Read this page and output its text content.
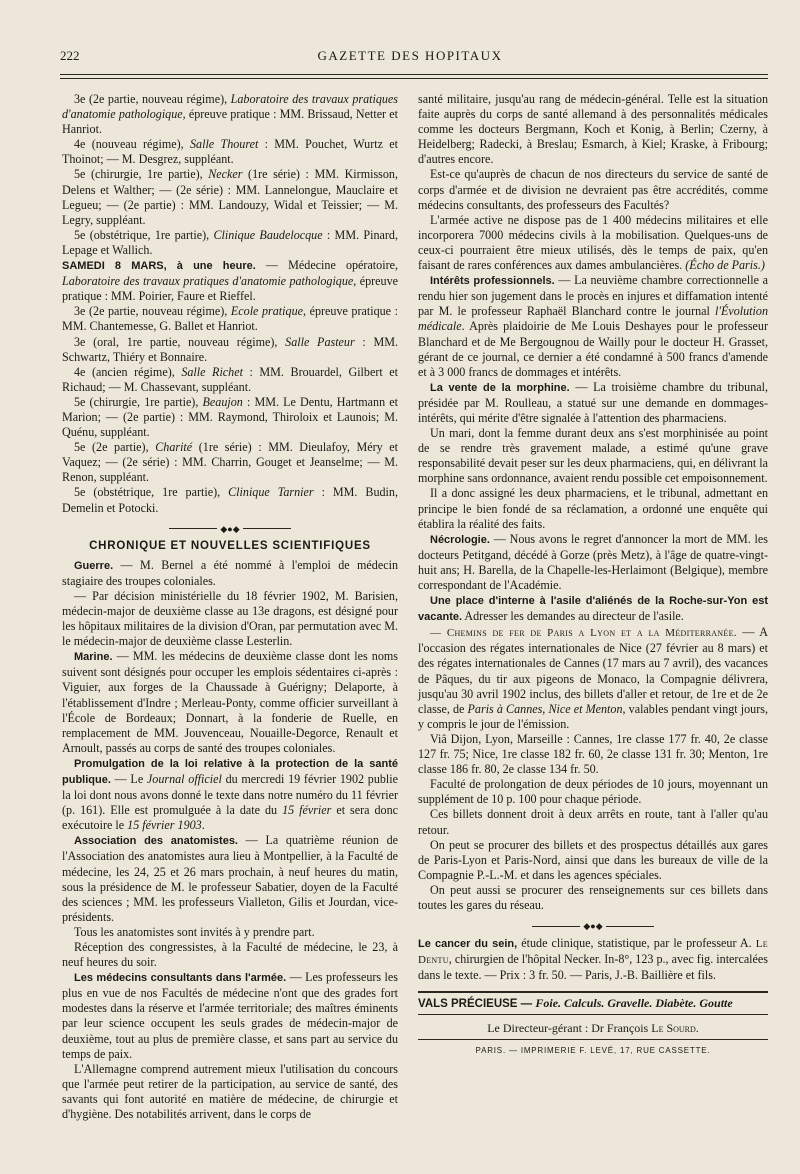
222	GAZETTE DES HOPITAUX

3e (2e partie, nouveau régime), Laboratoire des travaux pratiques d'anatomie pathologique, épreuve pratique : MM. Brissaud, Netter et Hanriot.

4e (nouveau régime), Salle Thouret : MM. Pouchet, Wurtz et Thoinot; — M. Desgrez, suppléant.

5e (chirurgie, 1re partie), Necker (1re série) : MM. Kirmisson, Delens et Walther; — (2e série) : MM. Lannelongue, Mauclaire et Legueu; — (2e partie) : MM. Landouzy, Widal et Teissier; — M. Legry, suppléant.

5e (obstétrique, 1re partie), Clinique Baudelocque : MM. Pinard, Lepage et Wallich.

SAMEDI 8 MARS, à une heure. — Médecine opératoire, Laboratoire des travaux pratiques d'anatomie pathologique, épreuve pratique : MM. Poirier, Faure et Rieffel.

3e (2e partie, nouveau régime), Ecole pratique, épreuve pratique : MM. Chantemesse, G. Ballet et Hanriot.

3e (oral, 1re partie, nouveau régime), Salle Pasteur : MM. Schwartz, Thiéry et Bonnaire.

4e (ancien régime), Salle Richet : MM. Brouardel, Gilbert et Richaud; — M. Chassevant, suppléant.

5e (chirurgie, 1re partie), Beaujon : MM. Le Dentu, Hartmann et Marion; — (2e partie) : MM. Raymond, Thiroloix et Launois; M. Quénu, suppléant.

5e (2e partie), Charité (1re série) : MM. Dieulafoy, Méry et Vaquez; — (2e série) : MM. Charrin, Gouget et Jeanselme; — M. Renon, suppléant.

5e (obstétrique, 1re partie), Clinique Tarnier : MM. Budin, Demelin et Potocki.

◆●◆
CHRONIQUE ET NOUVELLES SCIENTIFIQUES

Guerre. — M. Bernel a été nommé à l'emploi de médecin stagiaire des troupes coloniales.

— Par décision ministérielle du 18 février 1902, M. Barisien, médecin-major de deuxième classe au 13e dragons, est désigné pour les hôpitaux militaires de la division d'Oran, par permutation avec M. le médecin-major de deuxième classe Lesterlin.

Marine. — MM. les médecins de deuxième classe dont les noms suivent sont désignés pour occuper les emplois sédentaires ci-après : Viguier, aux forges de la Chaussade à Guérigny; Delaporte, à l'établissement d'Indre ; Merleau-Ponty, comme officier surveillant à l'École de Bordeaux; Donnart, à la fonderie de Ruelle, en remplacement de MM. Jouvenceau, Nouaille-Degorce, Renault et Arnoult, passés au corps de santé des troupes coloniales.

Promulgation de la loi relative à la protection de la santé publique. — Le Journal officiel du mercredi 19 février 1902 publie la loi dont nous avons donné le texte dans notre numéro du 11 février (p. 161). Elle est promulguée à la date du 15 février et sera donc exécutoire le 15 février 1903.

Association des anatomistes. — La quatrième réunion de l'Association des anatomistes aura lieu à Montpellier, à la Faculté de médecine, les 24, 25 et 26 mars prochain, à neuf heures du matin, sous la présidence de M. le professeur Sabatier, doyen de la Faculté des sciences ; MM. les professeurs Vialleton, Gilis et Jourdan, vice-présidents.

Tous les anatomistes sont invités à y prendre part.

Réception des congressistes, à la Faculté de médecine, le 23, à neuf heures du soir.

Les médecins consultants dans l'armée. — Les professeurs les plus en vue de nos Facultés de médecine n'ont que des grades fort modestes dans la réserve et l'armée territoriale; des maîtres éminents par leur science occupent les seuls grades de médecin-major de deuxième, tout au plus de première classe, et sans part au service du temps de paix.

L'Allemagne comprend autrement mieux l'utilisation du concours que l'armée peut retirer de la participation, au service de santé, des savants qui font autorité en matière de médecine, de chirurgie et d'hygiène. Des notabilités arrivent, dans le corps de

santé militaire, jusqu'au rang de médecin-général. Telle est la situation faite auprès du corps de santé allemand à des personnalités médicales comme les docteurs Bergmann, Koch et Konig, à Berlin; Czerny, à Heidelberg; Radecki, à Breslau; Esmarch, à Kiel; Kraske, à Fribourg; d'autres encore.

Est-ce qu'auprès de chacun de nos directeurs du service de santé de corps d'armée et de division ne devraient pas être accrédités, comme médecins consultants, des professeurs des Facultés?

L'armée active ne dispose pas de 1 400 médecins militaires et elle incorporera 7000 médecins civils à la mobilisation. Quelques-uns de ceux-ci pourraient être mieux utilisés, dès le temps de paix, qu'en faisant de rares conférences aux dames ambulancières. (Écho de Paris.)

Intérêts professionnels. — La neuvième chambre correctionnelle a rendu hier son jugement dans le procès en injures et diffamation intenté par M. le professeur Raphaël Blanchard contre le journal l'Évolution médicale. Après plaidoirie de Me Louis Deshayes pour le professeur Blanchard et de Me Bergougnou de Wailly pour le docteur H. Grasset, gérant de ce journal, ce dernier a été condamné à 500 francs d'amende et à 3 000 francs de dommages et intérêts.

La vente de la morphine. — La troisième chambre du tribunal, présidée par M. Roulleau, a statué sur une demande en dommages-intérêts, qui mérite d'être signalée à l'attention des pharmaciens.

Un mari, dont la femme durant deux ans s'est morphinisée au point de se rendre très gravement malade, a estimé qu'une grave responsabilité devait peser sur les deux pharmaciens, qui, en délivrant la morphine sans ordonnance, avaient rendu possible cet empoisonnement.

Il a donc assigné les deux pharmaciens, et le tribunal, admettant en principe le bien fondé de sa réclamation, a ordonné une enquête qui établira la réalité des faits.

Nécrologie. — Nous avons le regret d'annoncer la mort de MM. les docteurs Petitgand, décédé à Gorze (près Metz), à l'âge de quatre-vingt-huit ans; H. Barella, de la Chapelle-les-Herlaimont (Belgique), membre correspondant de l'Académie.

Une place d'interne à l'asile d'aliénés de la Roche-sur-Yon est vacante. Adresser les demandes au directeur de l'asile.

— Chemins de fer de Paris a Lyon et a la Méditerranée. — A l'occasion des régates internationales de Nice (27 février au 8 mars) et des régates internationales de Cannes (17 mars au 7 avril), des vacances de Pâques, du tir aux pigeons de Monaco, la Compagnie délivrera, jusqu'au 30 avril 1902 inclus, des billets d'aller et retour, de 1re et de 2e classe, de Paris à Cannes, Nice et Menton, valables pendant vingt jours, y compris le jour de l'émission.

Viâ Dijon, Lyon, Marseille : Cannes, 1re classe 177 fr. 40, 2e classe 127 fr. 75; Nice, 1re classe 182 fr. 60, 2e classe 131 fr. 30; Menton, 1re classe 186 fr. 80, 2e classe 134 fr. 50.

Faculté de prolongation de deux périodes de 10 jours, moyennant un supplément de 10 p. 100 pour chaque période.

Ces billets donnent droit à deux arrêts en route, tant à l'aller qu'au retour.

On peut se procurer des billets et des prospectus détaillés aux gares de Paris-Lyon et Paris-Nord, ainsi que dans les bureaux de ville de la Compagnie P.-L.-M. et dans les agences spéciales.

On peut aussi se procurer des renseignements sur ces billets dans toutes les gares du réseau.

◆●◆

Le cancer du sein, étude clinique, statistique, par le professeur A. Le Dentu, chirurgien de l'hôpital Necker. In-8°, 123 p., avec fig. intercalées dans le texte. — Prix : 3 fr. 50. — Paris, J.-B. Baillière et fils.

VALS PRÉCIEUSE — Foie. Calculs. Gravelle. Diabète. Goutte
Le Directeur-gérant : Dr François Le Sourd.
PARIS. — IMPRIMERIE F. LEVÉ, 17, RUE CASSETTE.
